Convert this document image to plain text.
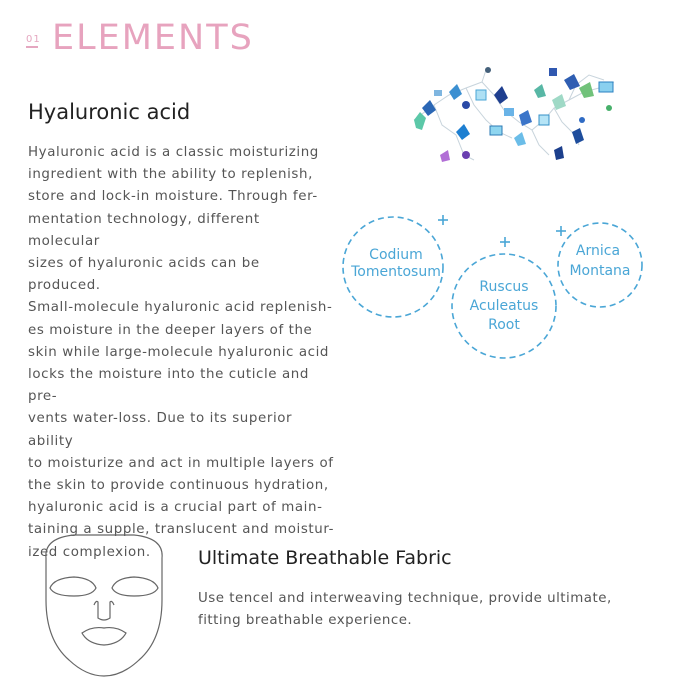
01 ELEMENTS
Hyaluronic acid
Hyaluronic acid is a classic moisturizing
ingredient with the ability to replenish,
store and lock-in moisture. Through fer-
mentation technology, different molecular
sizes of hyaluronic acids can be produced.
Small-molecule hyaluronic acid replenish-
es moisture in the deeper layers of the
skin while large-molecule hyaluronic acid
locks the moisture into the cuticle and pre-
vents water-loss. Due to its superior ability
to moisturize and act in multiple layers of
the skin to provide continuous hydration,
hyaluronic acid is a crucial part of main-
taining a supple, translucent and moistur-
ized complexion.
Codium
Tomentosum
Ruscus
Aculeatus
Root
Arnica
Montana
Ultimate Breathable Fabric
Use tencel and interweaving technique, provide ultimate,
fitting breathable experience.
